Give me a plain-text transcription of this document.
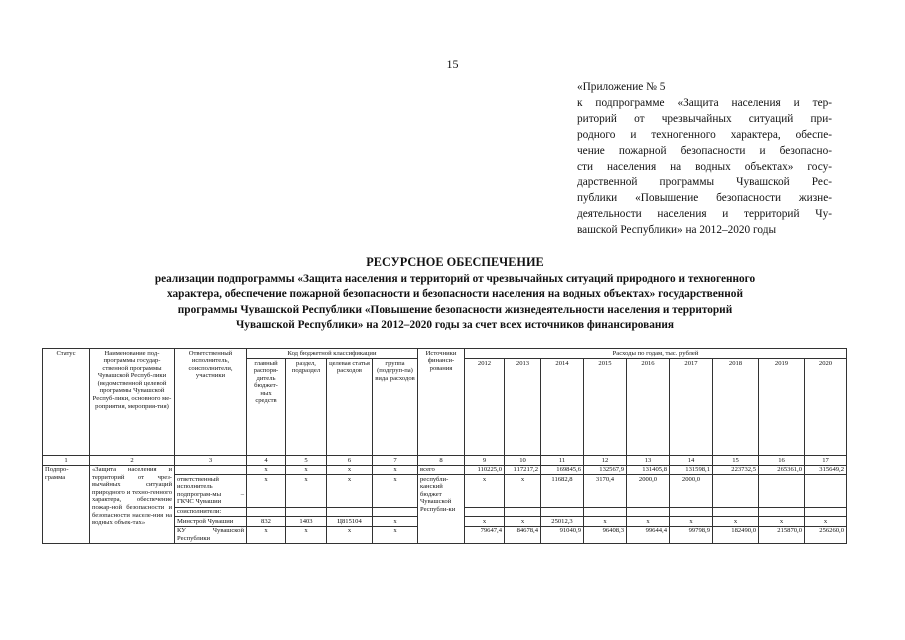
15
«Приложение № 5
к подпрограмме «Защита населения и тер-
риторий от чрезвычайных ситуаций при-
родного и техногенного характера, обеспе-
чение пожарной безопасности и безопасно-
сти населения на водных объектах» госу-
дарственной программы Чувашской Рес-
публики «Повышение безопасности жизне-
деятельности населения и территорий Чу-
вашской Республики» на 2012–2020 годы
РЕСУРСНОЕ ОБЕСПЕЧЕНИЕ
реализации подпрограммы «Защита населения и территорий от чрезвычайных ситуаций природного и техногенного
характера, обеспечение пожарной безопасности и безопасности населения на водных объектах» государственной
программы Чувашской Республики «Повышение безопасности жизнедеятельности населения и территорий
Чувашской Республики» на 2012–2020 годы за счет всех источников финансирования
Статус	Наименование под-программы государ-ственной программы Чувашской Респуб-лики (ведомственной целевой программы Чувашской Респуб-лики, основного ме-роприятия, мероприя-тия)	Ответственный исполнитель, соисполнители, участники	Код бюджетной классификации				Источники финанси-рования	Расходы по годам, тыс. рублей								
			главный распоря-дитель бюджет-ных средств	раздел, подраздел	целевая статья расходов	группа (подгруп-па) вида расходов		2012	2013	2014	2015	2016	2017	2018	2019	2020
1	2	3	4	5	6	7	8	9	10	11	12	13	14	15	16	17
Подпро-грамма	«Защита населения и территорий от чрез-вычайных ситуаций природного и техно-генного характера, обеспечение пожар-ной безопасности и безопасности населе-ния на водных объек-тах»		х	х	х	х	всего	110225,0	117217,2	169845,6	132567,9	131405,8	131598,1	223732,5	265361,0	315649,2
		ответственный исполнитель подпрограм-мы – ГКЧС Чувашии	х	х	х	х	республи-канский бюджет Чувашской Республи-ки	х	х	11682,8	3170,4	2000,0	2000,0			
		соисполнители:														
		Минстрой Чувашии	832	1403	Ц815104	х		х	х	25012,3	х	х	х	х	х	х
		КУ Чувашской Республики	х	х	х	х		79647,4	84678,4	91040,9	96408,3	99644,4	99798,9	182490,0	215870,0	256260,0
